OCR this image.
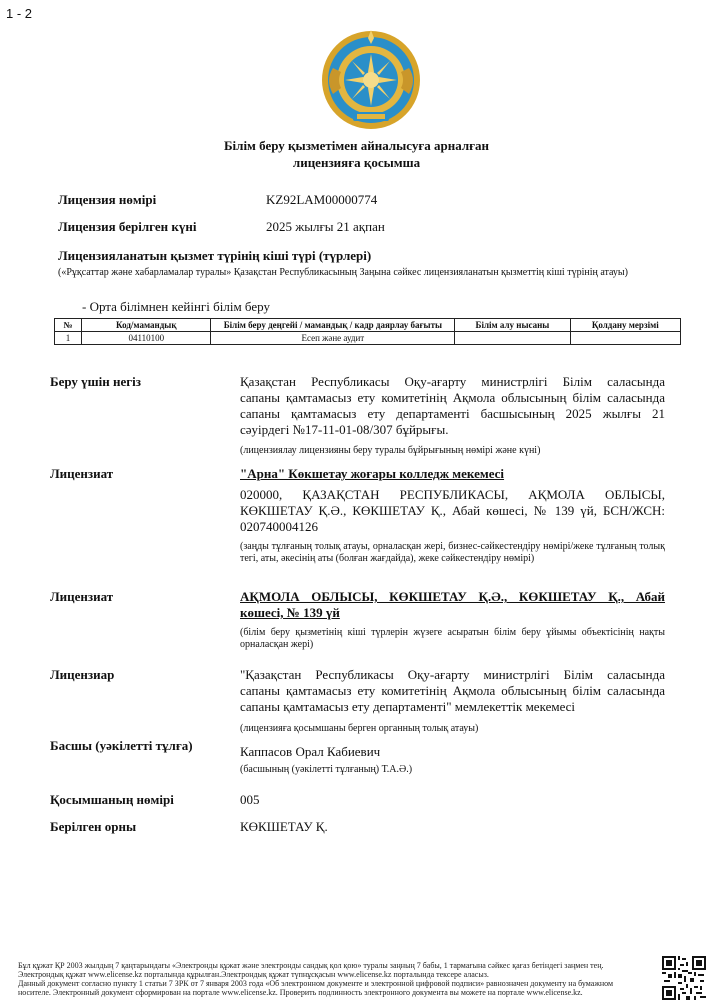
1 - 2
Білім беру қызметімен айналысуға арналған
лицензияға қосымша
Лицензия нөмірі	KZ92LAM00000774
Лицензия берілген күні	2025 жылғы 21 ақпан
Лицензияланатын қызмет түрінің кіші түрі (түрлері)
(«Рұқсаттар және хабарламалар туралы» Қазақстан Республикасының Заңына сәйкес лицензияланатын қызметтің кіші түрінің атауы)
- Орта білімнен кейінгі білім беру
№	Код/мамандық	Білім беру деңгейі / мамандық / кадр даярлау бағыты	Білім алу нысаны	Қолдану мерзімі
1	04110100	Есеп және аудит		
Беру үшін негіз	Қазақстан Республикасы Оқу-ағарту министрлігі Білім саласында
сапаны қамтамасыз ету комитетінің Ақмола облысының білім саласында
сапаны қамтамасыз ету департаменті басшысының 2025 жылғы 21
сәуірдегі №17-11-01-08/307 бұйрығы.
(лицензиялау лицензияны беру туралы бұйрығының нөмірі және күні)
Лицензиат	"Арна" Көкшетау жоғары колледж мекемесі
020000, ҚАЗАҚСТАН РЕСПУБЛИКАСЫ, АҚМОЛА ОБЛЫСЫ,
КӨКШЕТАУ Қ.Ә., КӨКШЕТАУ Қ., Абай көшесі, № 139 үй, БСН/ЖСН:
020740004126
(заңды тұлғаның толық атауы, орналасқан жері, бизнес-сәйкестендіру нөмірі/жеке тұлғаның толық тегі, аты, әкесінің аты (болған жағдайда), жеке сәйкестендіру нөмірі)
Лицензиат	АҚМОЛА ОБЛЫСЫ, КӨКШЕТАУ Қ.Ә., КӨКШЕТАУ Қ., Абай
көшесі, № 139 үй
(білім беру қызметінің кіші түрлерін жүзеге асыратын білім беру ұйымы объектісінің нақты орналасқан жері)
Лицензиар	"Қазақстан Республикасы Оқу-ағарту министрлігі Білім саласында
сапаны қамтамасыз ету комитетінің Ақмола облысының білім саласында
сапаны қамтамасыз ету департаменті" мемлекеттік мекемесі
(лицензияға қосымшаны берген органның толық атауы)
Басшы (уәкілетті тұлға)	Каппасов Орал Кабиевич
(басшының (уәкілетті тұлғаның) Т.А.Ә.)
Қосымшаның нөмірі	005
Берілген орны	КӨКШЕТАУ Қ.
Бұл құжат ҚР 2003 жылдың 7 қаңтарындағы «Электронды құжат және электронды сандық қол қою» туралы заңның 7 бабы, 1 тармағына сәйкес қағаз бетіндегі заңмен тең.
Электрондық құжат www.elicense.kz порталында құрылған.Электрондық құжат түпнұсқасын www.elicense.kz порталында тексере аласыз.
Данный документ согласно пункту 1 статьи 7 ЗРК от 7 января 2003 года «Об электронном документе и электронной цифровой подписи» равнозначен документу на бумажном
носителе. Электронный документ сформирован на портале www.elicense.kz. Проверить подлинность электронного документа вы можете на портале www.elicense.kz.
